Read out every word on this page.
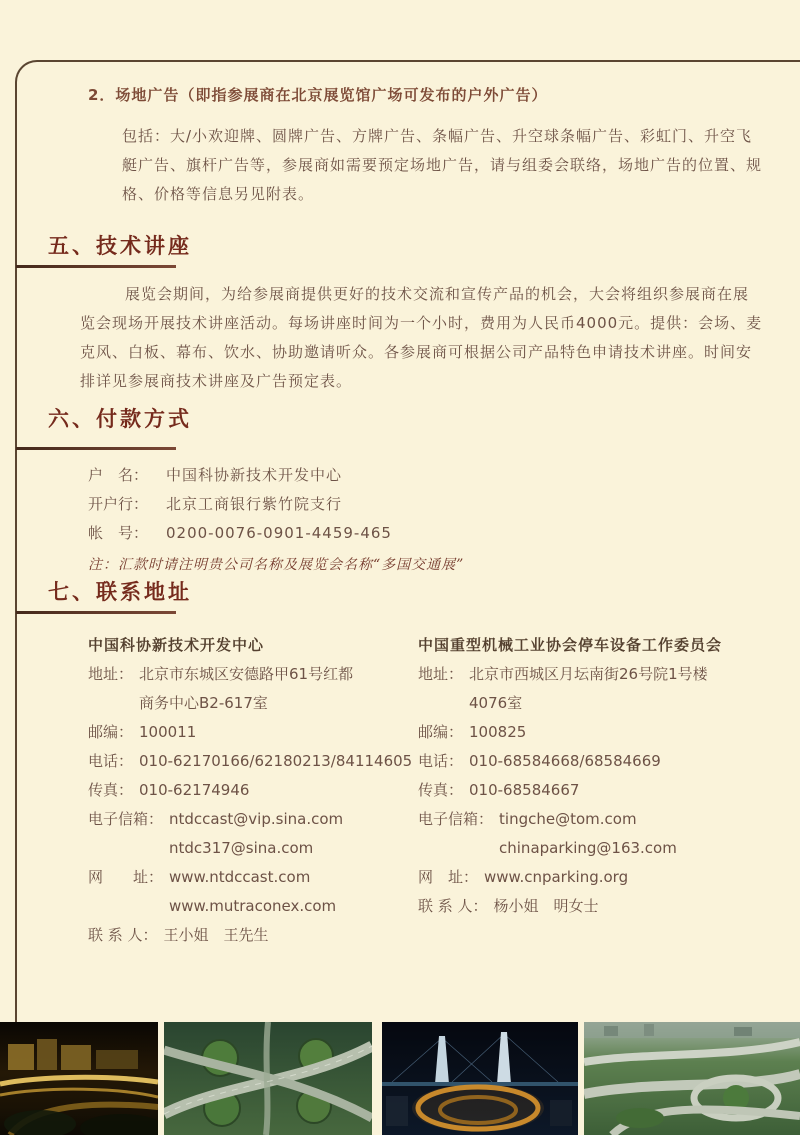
2．场地广告（即指参展商在北京展览馆广场可发布的户外广告）
包括：大/小欢迎牌、圆牌广告、方牌广告、条幅广告、升空球条幅广告、彩虹门、升空飞艇广告、旗杆广告等，参展商如需要预定场地广告，请与组委会联络，场地广告的位置、规格、价格等信息另见附表。
五、技术讲座
展览会期间，为给参展商提供更好的技术交流和宣传产品的机会，大会将组织参展商在展览会现场开展技术讲座活动。每场讲座时间为一个小时，费用为人民币4000元。提供：会场、麦克风、白板、幕布、饮水、协助邀请听众。各参展商可根据公司产品特色申请技术讲座。时间安排详见参展商技术讲座及广告预定表。
六、付款方式
户　名：	中国科协新技术开发中心
开户行：	北京工商银行紫竹院支行
帐　号：	0200-0076-0901-4459-465
注：汇款时请注明贵公司名称及展览会名称“多国交通展”
七、联系地址
中国科协新技术开发中心
地址： 北京市东城区安德路甲61号红都
商务中心B2-617室
邮编： 100011
电话： 010-62170166/62180213/84114605
传真： 010-62174946
电子信箱： ntdccast@vip.sina.com
ntdc317@sina.com
网　　址： www.ntdccast.com
www.mutraconex.com
联 系 人： 王小姐　王先生
中国重型机械工业协会停车设备工作委员会
地址： 北京市西城区月坛南街26号院1号楼
4076室
邮编： 100825
电话： 010-68584668/68584669
传真： 010-68584667
电子信箱： tingche@tom.com
chinaparking@163.com
网　址： www.cnparking.org
联 系 人： 杨小姐　明女士
